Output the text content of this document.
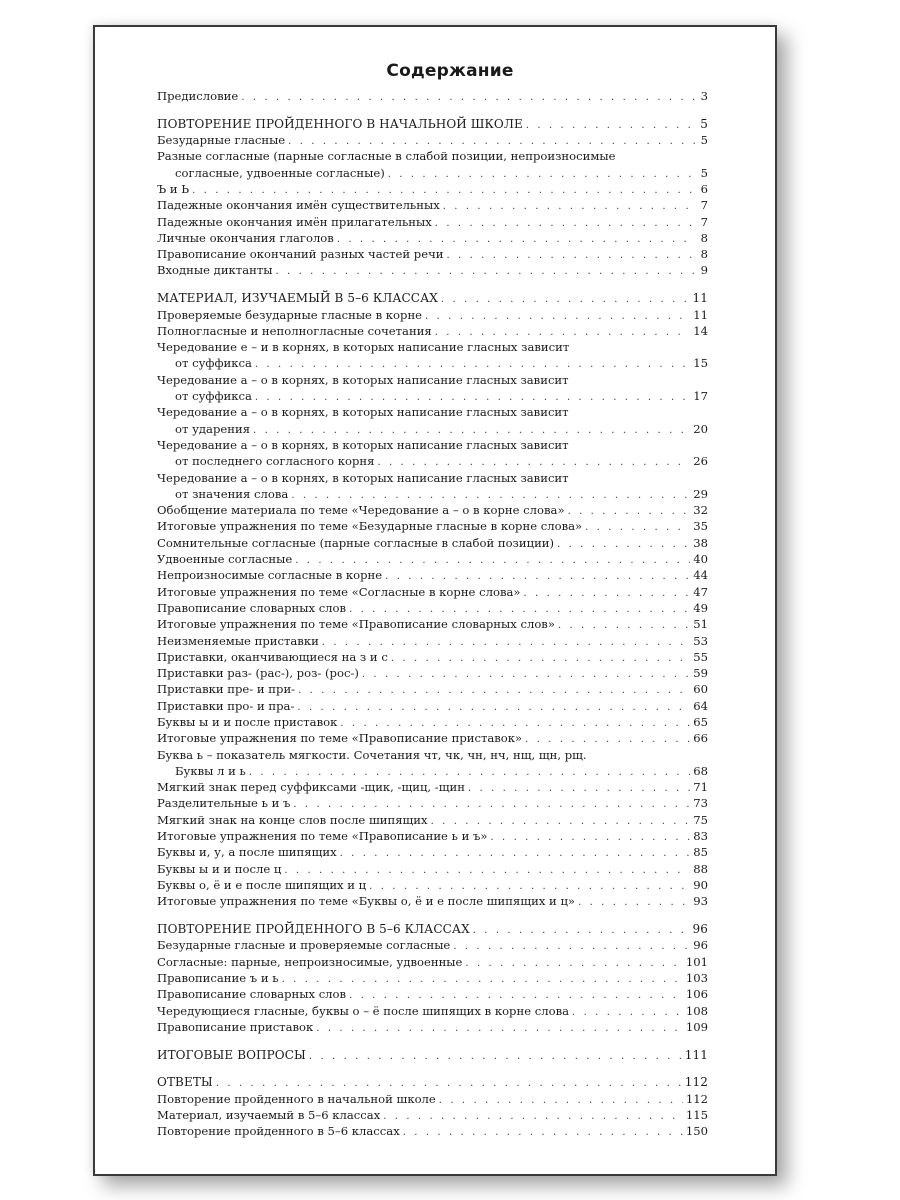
Содержание
Предисловие . . .	3
ПОВТОРЕНИЕ ПРОЙДЕННОГО В НАЧАЛЬНОЙ ШКОЛЕ . . .	5
Безударные гласные . . .	5
Разные согласные (парные согласные в слабой позиции, непроизносимые
согласные, удвоенные согласные) . . .	5
Ъ и Ь . . .	6
Падежные окончания имён существительных . . .	7
Падежные окончания имён прилагательных . . .	7
Личные окончания глаголов . . .	8
Правописание окончаний разных частей речи . . .	8
Входные диктанты . . .	9
МАТЕРИАЛ, ИЗУЧАЕМЫЙ В 5–6 КЛАССАХ . . .	11
Проверяемые безударные гласные в корне . . .	11
Полногласные и неполногласные сочетания . . .	14
Чередование е – и в корнях, в которых написание гласных зависит
от суффикса . . .	15
Чередование а – о в корнях, в которых написание гласных зависит
от суффикса . . .	17
Чередование а – о в корнях, в которых написание гласных зависит
от ударения . . .	20
Чередование а – о в корнях, в которых написание гласных зависит
от последнего согласного корня . . .	26
Чередование а – о в корнях, в которых написание гласных зависит
от значения слова . . .	29
Обобщение материала по теме «Чередование а – о в корне слова» . . .	32
Итоговые упражнения по теме «Безударные гласные в корне слова» . . .	35
Сомнительные согласные (парные согласные в слабой позиции) . . .	38
Удвоенные согласные . . .	40
Непроизносимые согласные в корне . . .	44
Итоговые упражнения по теме «Согласные в корне слова» . . .	47
Правописание словарных слов . . .	49
Итоговые упражнения по теме «Правописание словарных слов» . . .	51
Неизменяемые приставки . . .	53
Приставки, оканчивающиеся на з и с . . .	55
Приставки раз- (рас-), роз- (рос-) . . .	59
Приставки пре- и при- . . .	60
Приставки про- и пра- . . .	64
Буквы ы и и после приставок . . .	65
Итоговые упражнения по теме «Правописание приставок» . . .	66
Буква ь – показатель мягкости. Сочетания чт, чк, чн, нч, нщ, щн, рщ.
Буквы л и ь . . .	68
Мягкий знак перед суффиксами -щик, -щиц, -щин . . .	71
Разделительные ь и ъ . . .	73
Мягкий знак на конце слов после шипящих . . .	75
Итоговые упражнения по теме «Правописание ь и ъ» . . .	83
Буквы и, у, а после шипящих . . .	85
Буквы ы и и после ц . . .	88
Буквы о, ё и е после шипящих и ц . . .	90
Итоговые упражнения по теме «Буквы о, ё и е после шипящих и ц» . . .	93
ПОВТОРЕНИЕ ПРОЙДЕННОГО В 5–6 КЛАССАХ . . .	96
Безударные гласные и проверяемые согласные . . .	96
Согласные: парные, непроизносимые, удвоенные . . .	101
Правописание ъ и ь . . .	103
Правописание словарных слов . . .	106
Чередующиеся гласные, буквы о – ё после шипящих в корне слова . . .	108
Правописание приставок . . .	109
ИТОГОВЫЕ ВОПРОСЫ . . .	111
ОТВЕТЫ . . .	112
Повторение пройденного в начальной школе . . .	112
Материал, изучаемый в 5–6 классах . . .	115
Повторение пройденного в 5–6 классах . . .	150
